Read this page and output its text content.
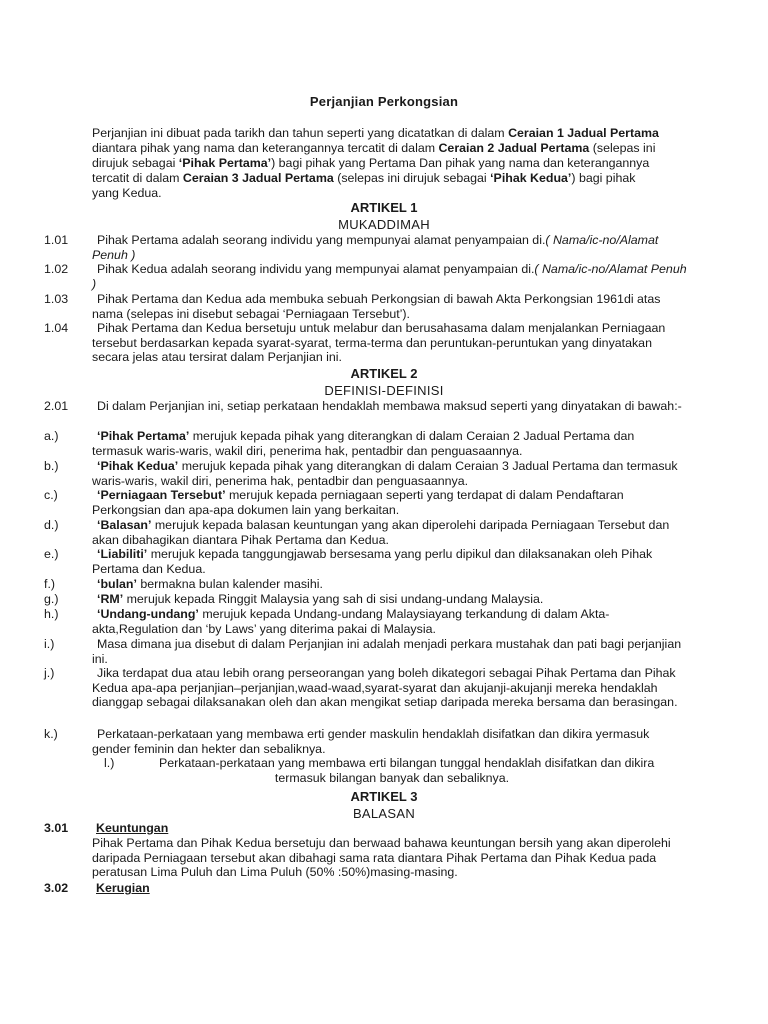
Perjanjian Perkongsian
Perjanjian ini dibuat pada tarikh dan tahun seperti yang dicatatkan di dalam Ceraian 1 Jadual Pertama diantara pihak yang nama dan keterangannya tercatit di dalam Ceraian 2 Jadual Pertama (selepas ini dirujuk sebagai ‘Pihak Pertama’) bagi pihak yang Pertama Dan pihak yang nama dan keterangannya tercatit di dalam Ceraian 3 Jadual Pertama (selepas ini dirujuk sebagai ‘Pihak Kedua’) bagi pihak yang Kedua.
ARTIKEL 1
MUKADDIMAH
1.01	Pihak Pertama adalah seorang individu yang mempunyai alamat penyampaian di.( Nama/ic-no/Alamat Penuh )
1.02	Pihak Kedua adalah seorang individu yang mempunyai alamat penyampaian di.( Nama/ic-no/Alamat Penuh )
1.03	Pihak Pertama dan Kedua ada membuka sebuah Perkongsian di bawah Akta Perkongsian 1961di atas nama (selepas ini disebut sebagai ‘Perniagaan Tersebut’).
1.04	Pihak Pertama dan Kedua bersetuju untuk melabur dan berusahasama dalam menjalankan Perniagaan tersebut berdasarkan kepada syarat-syarat, terma-terma dan peruntukan-peruntukan yang dinyatakan secara jelas atau tersirat dalam Perjanjian ini.
ARTIKEL 2
DEFINISI-DEFINISI
2.01	Di dalam Perjanjian ini, setiap perkataan hendaklah membawa maksud seperti yang dinyatakan di bawah:-
a.)	‘Pihak Pertama’ merujuk kepada pihak yang diterangkan di dalam Ceraian 2 Jadual Pertama dan termasuk waris-waris, wakil diri, penerima hak, pentadbir dan penguasaannya.
b.)	‘Pihak Kedua’ merujuk kepada pihak yang diterangkan di dalam Ceraian 3 Jadual Pertama dan termasuk waris-waris, wakil diri, penerima hak, pentadbir dan penguasaannya.
c.)	‘Perniagaan Tersebut’ merujuk kepada perniagaan seperti yang terdapat di dalam Pendaftaran Perkongsian dan apa-apa dokumen lain yang berkaitan.
d.)	‘Balasan’ merujuk kepada balasan keuntungan yang akan diperolehi daripada Perniagaan Tersebut dan akan dibahagikan diantara Pihak Pertama dan Kedua.
e.)	‘Liabiliti’ merujuk kepada tanggungjawab bersesama yang perlu dipikul dan dilaksanakan oleh Pihak Pertama dan Kedua.
f.)	‘bulan’ bermakna bulan kalender masihi.
g.)	‘RM’ merujuk kepada Ringgit Malaysia yang sah di sisi undang-undang Malaysia.
h.)	‘Undang-undang’ merujuk kepada Undang-undang Malaysiayang terkandung di dalam Akta-akta,Regulation dan ‘by Laws’ yang diterima pakai di Malaysia.
i.)	Masa dimana jua disebut di dalam Perjanjian ini adalah menjadi perkara mustahak dan pati bagi perjanjian ini.
j.)	Jika terdapat dua atau lebih orang perseorangan yang boleh dikategori sebagai Pihak Pertama dan Pihak Kedua apa-apa perjanjian–perjanjian,waad-waad,syarat-syarat dan akujanji-akujanji mereka hendaklah dianggap sebagai dilaksanakan oleh dan akan mengikat setiap daripada mereka bersama dan berasingan.
k.)	Perkataan-perkataan yang membawa erti gender maskulin hendaklah disifatkan dan dikira yermasuk gender feminin dan hekter dan sebaliknya.
l.)	Perkataan-perkataan yang membawa erti bilangan tunggal hendaklah disifatkan dan dikira
termasuk bilangan banyak dan sebaliknya.
ARTIKEL 3
BALASAN
3.01 Keuntungan
Pihak Pertama dan Pihak Kedua bersetuju dan berwaad bahawa keuntungan bersih yang akan diperolehi daripada Perniagaan tersebut akan dibahagi sama rata diantara Pihak Pertama dan Pihak Kedua pada peratusan Lima Puluh dan Lima Puluh (50% :50%)masing-masing.
3.02 Kerugian
